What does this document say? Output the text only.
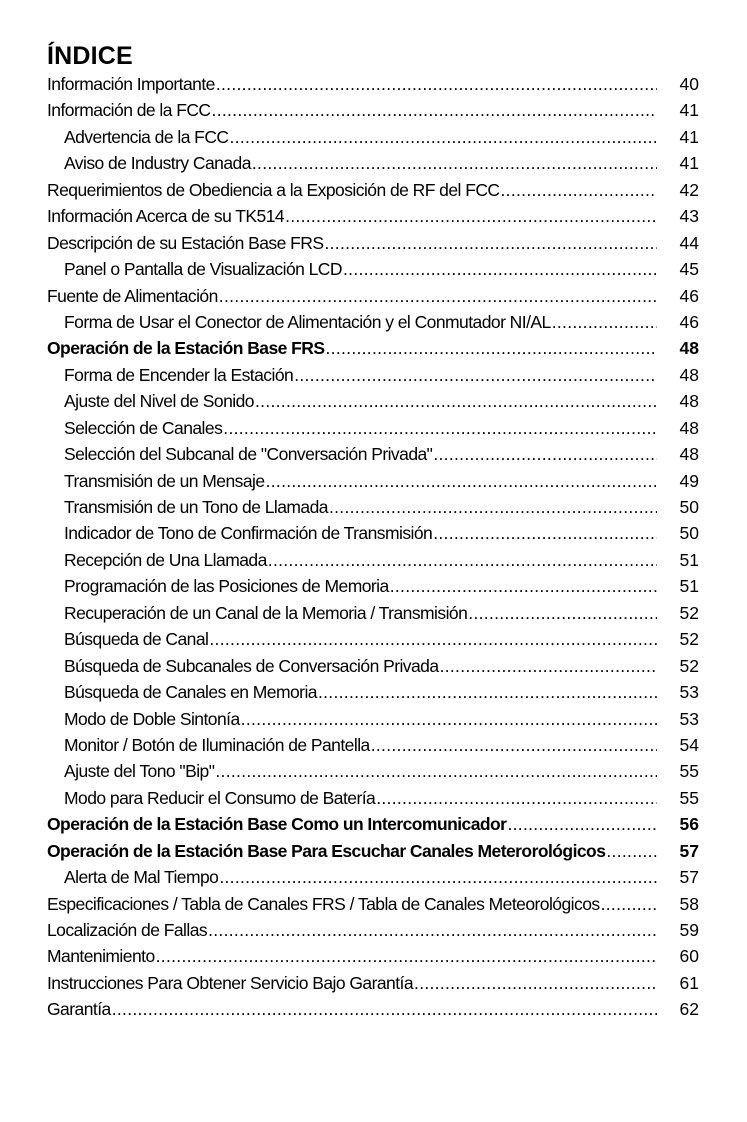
ÍNDICE
Información Importante .....	40
Información de la FCC .....	41
Advertencia de la FCC .....	41
Aviso de Industry Canada .....	41
Requerimientos de Obediencia a la Exposición de RF del FCC .....	42
Información Acerca de su TK514 .....	43
Descripción de su Estación Base FRS .....	44
Panel o Pantalla de Visualización LCD .....	45
Fuente de Alimentación .....	46
Forma de Usar el Conector de Alimentación y el Conmutador NI/AL .....	46
Operación de la Estación Base FRS .....	48
Forma de Encender la Estación .....	48
Ajuste del Nivel de Sonido .....	48
Selección de Canales .....	48
Selección del Subcanal de "Conversación Privada" .....	48
Transmisión de un Mensaje .....	49
Transmisión de un Tono de Llamada .....	50
Indicador de Tono de Confirmación de Transmisión .....	50
Recepción de Una Llamada .....	51
Programación de las Posiciones de Memoria .....	51
Recuperación de un Canal de la Memoria / Transmisión .....	52
Búsqueda de Canal .....	52
Búsqueda de Subcanales de Conversación Privada .....	52
Búsqueda de Canales en Memoria .....	53
Modo de Doble Sintonía .....	53
Monitor / Botón de Iluminación de Pantella .....	54
Ajuste del Tono "Bip" .....	55
Modo para Reducir el Consumo de Batería .....	55
Operación de la Estación Base Como un Intercomunicador .....	56
Operación de la Estación Base Para Escuchar Canales Meterorológicos .....	57
Alerta de Mal Tiempo .....	57
Especificaciones / Tabla de Canales FRS / Tabla de Canales Meteorológicos .....	58
Localización de Fallas .....	59
Mantenimiento .....	60
Instrucciones Para Obtener Servicio Bajo Garantía .....	61
Garantía .....	62
